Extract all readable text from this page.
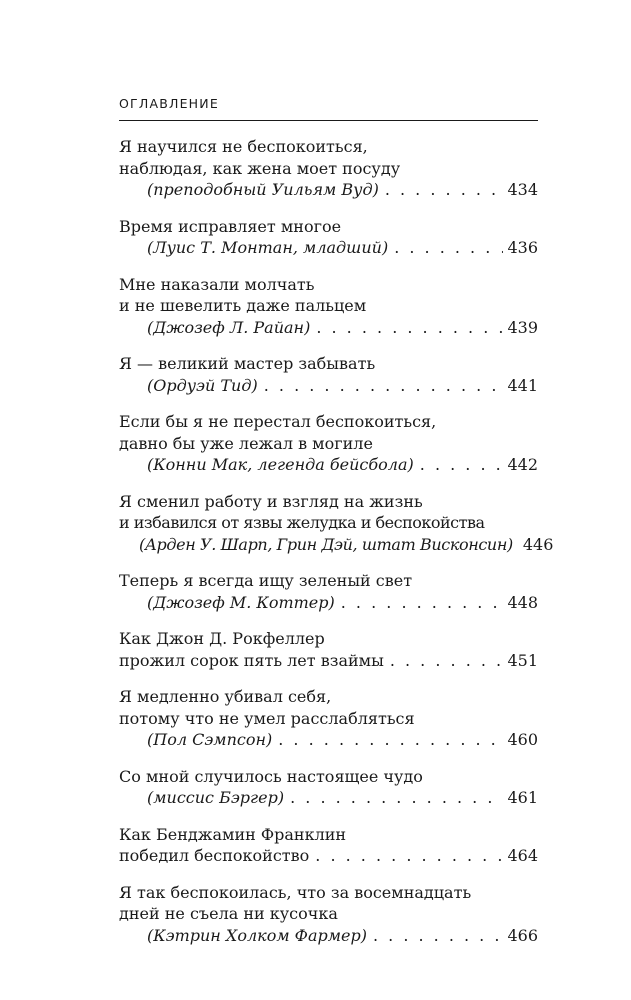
ОГЛАВЛЕНИЕ
Я научился не беспокоиться,
наблюдая, как жена моет посуду
(преподобный Уильям Вуд) . . .	434
Время исправляет многое
(Луис Т. Монтан, младший) . . .	436
Мне наказали молчать
и не шевелить даже пальцем
(Джозеф Л. Райан) . . .	439
Я — великий мастер забывать
(Ордуэй Тид) . . .	441
Если бы я не перестал беспокоиться,
давно бы уже лежал в могиле
(Конни Мак, легенда бейсбола) . . .	442
Я сменил работу и взгляд на жизнь
и избавился от язвы желудка и беспокойства
(Арден У. Шарп, Грин Дэй, штат Висконсин) 446
Теперь я всегда ищу зеленый свет
(Джозеф М. Коттер) . . .	448
Как Джон Д. Рокфеллер
прожил сорок пять лет взаймы . . .	451
Я медленно убивал себя,
потому что не умел расслабляться
(Пол Сэмпсон) . . .	460
Со мной случилось настоящее чудо
(миссис Бэргер) . . .	461
Как Бенджамин Франклин
победил беспокойство . . .	464
Я так беспокоилась, что за восемнадцать
дней не съела ни кусочка
(Кэтрин Холком Фармер) . . .	466
